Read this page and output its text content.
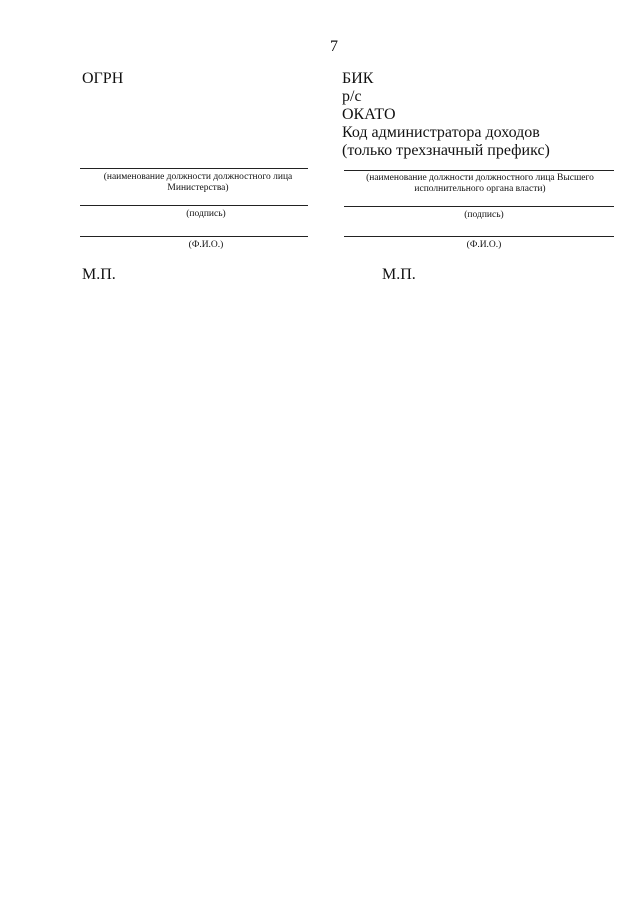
7
ОГРН
(наименование должности должностного лица
Министерства)
(подпись)
(Ф.И.О.)
М.П.
БИК
р/с
ОКАТО
Код администратора доходов
(только трехзначный префикс)
(наименование должности должностного лица Высшего
исполнительного органа власти)
(подпись)
(Ф.И.О.)
М.П.
